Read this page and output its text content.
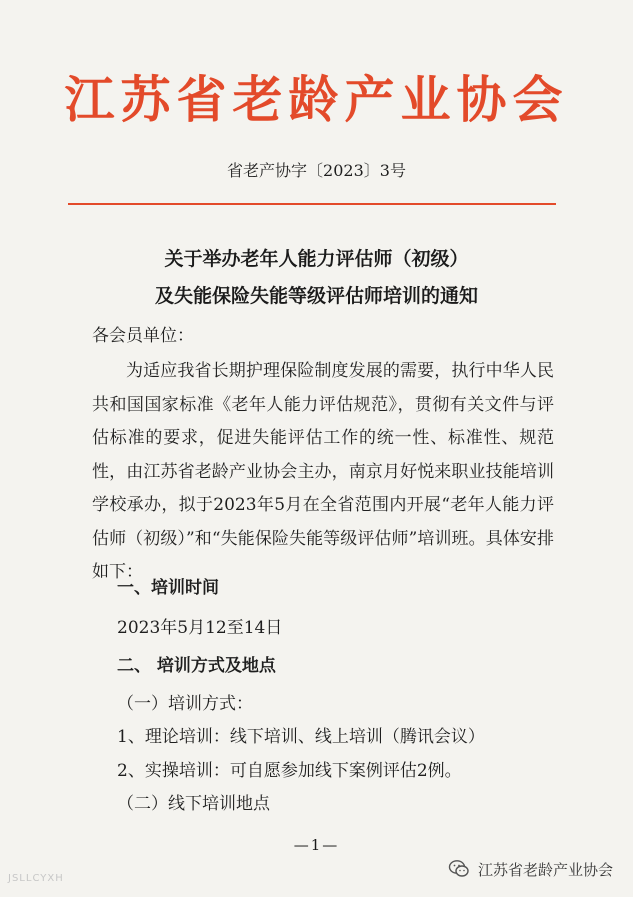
江苏省老龄产业协会
省老产协字〔2023〕3号
关于举办老年人能力评估师（初级）
及失能保险失能等级评估师培训的通知
各会员单位：
为适应我省长期护理保险制度发展的需要，执行中华人民共和国国家标准《老年人能力评估规范》，贯彻有关文件与评估标准的要求，促进失能评估工作的统一性、标准性、规范性，由江苏省老龄产业协会主办，南京月好悦来职业技能培训学校承办，拟于2023年5月在全省范围内开展“老年人能力评估师（初级）”和“失能保险失能等级评估师”培训班。具体安排如下：
一、培训时间
2023年5月12至14日
二、 培训方式及地点
（一）培训方式：
1、理论培训：线下培训、线上培训（腾讯会议）
2、实操培训：可自愿参加线下案例评估2例。
（二）线下培训地点
—1—
江苏省老龄产业协会
JSLLCYXH
